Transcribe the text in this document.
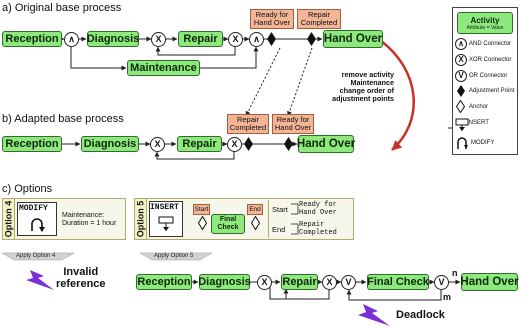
a) Original base process
Reception	∧	Diagnosis	X	Repair	X	∧	Hand Over
Maintenance
Ready for Hand Over
Repair Completed
remove activity
Maintenance
change order of
adjustment points
b) Adapted base process
Reception	Diagnosis	X	Repair	X	Hand Over
Repair Completed
Ready for Hand Over
Activity
Attribute = Value
∧ AND Connector
X XOR Connector
V OR Connector
Adjustment Point
Anchor
INSERT
MODIFY
c) Options
Option 4 MODIFY
Maintenance:
Duration = 1 hour Option 5 INSERT Start
Final Check
End Start Ready for
Hand Over
End Repair
Completed
Apply Option 4
Invalid
reference
Apply Option 5
Reception Diagnosis	X	Repair	X	V	Final Check	V	Hand Over
n
m
Deadlock
